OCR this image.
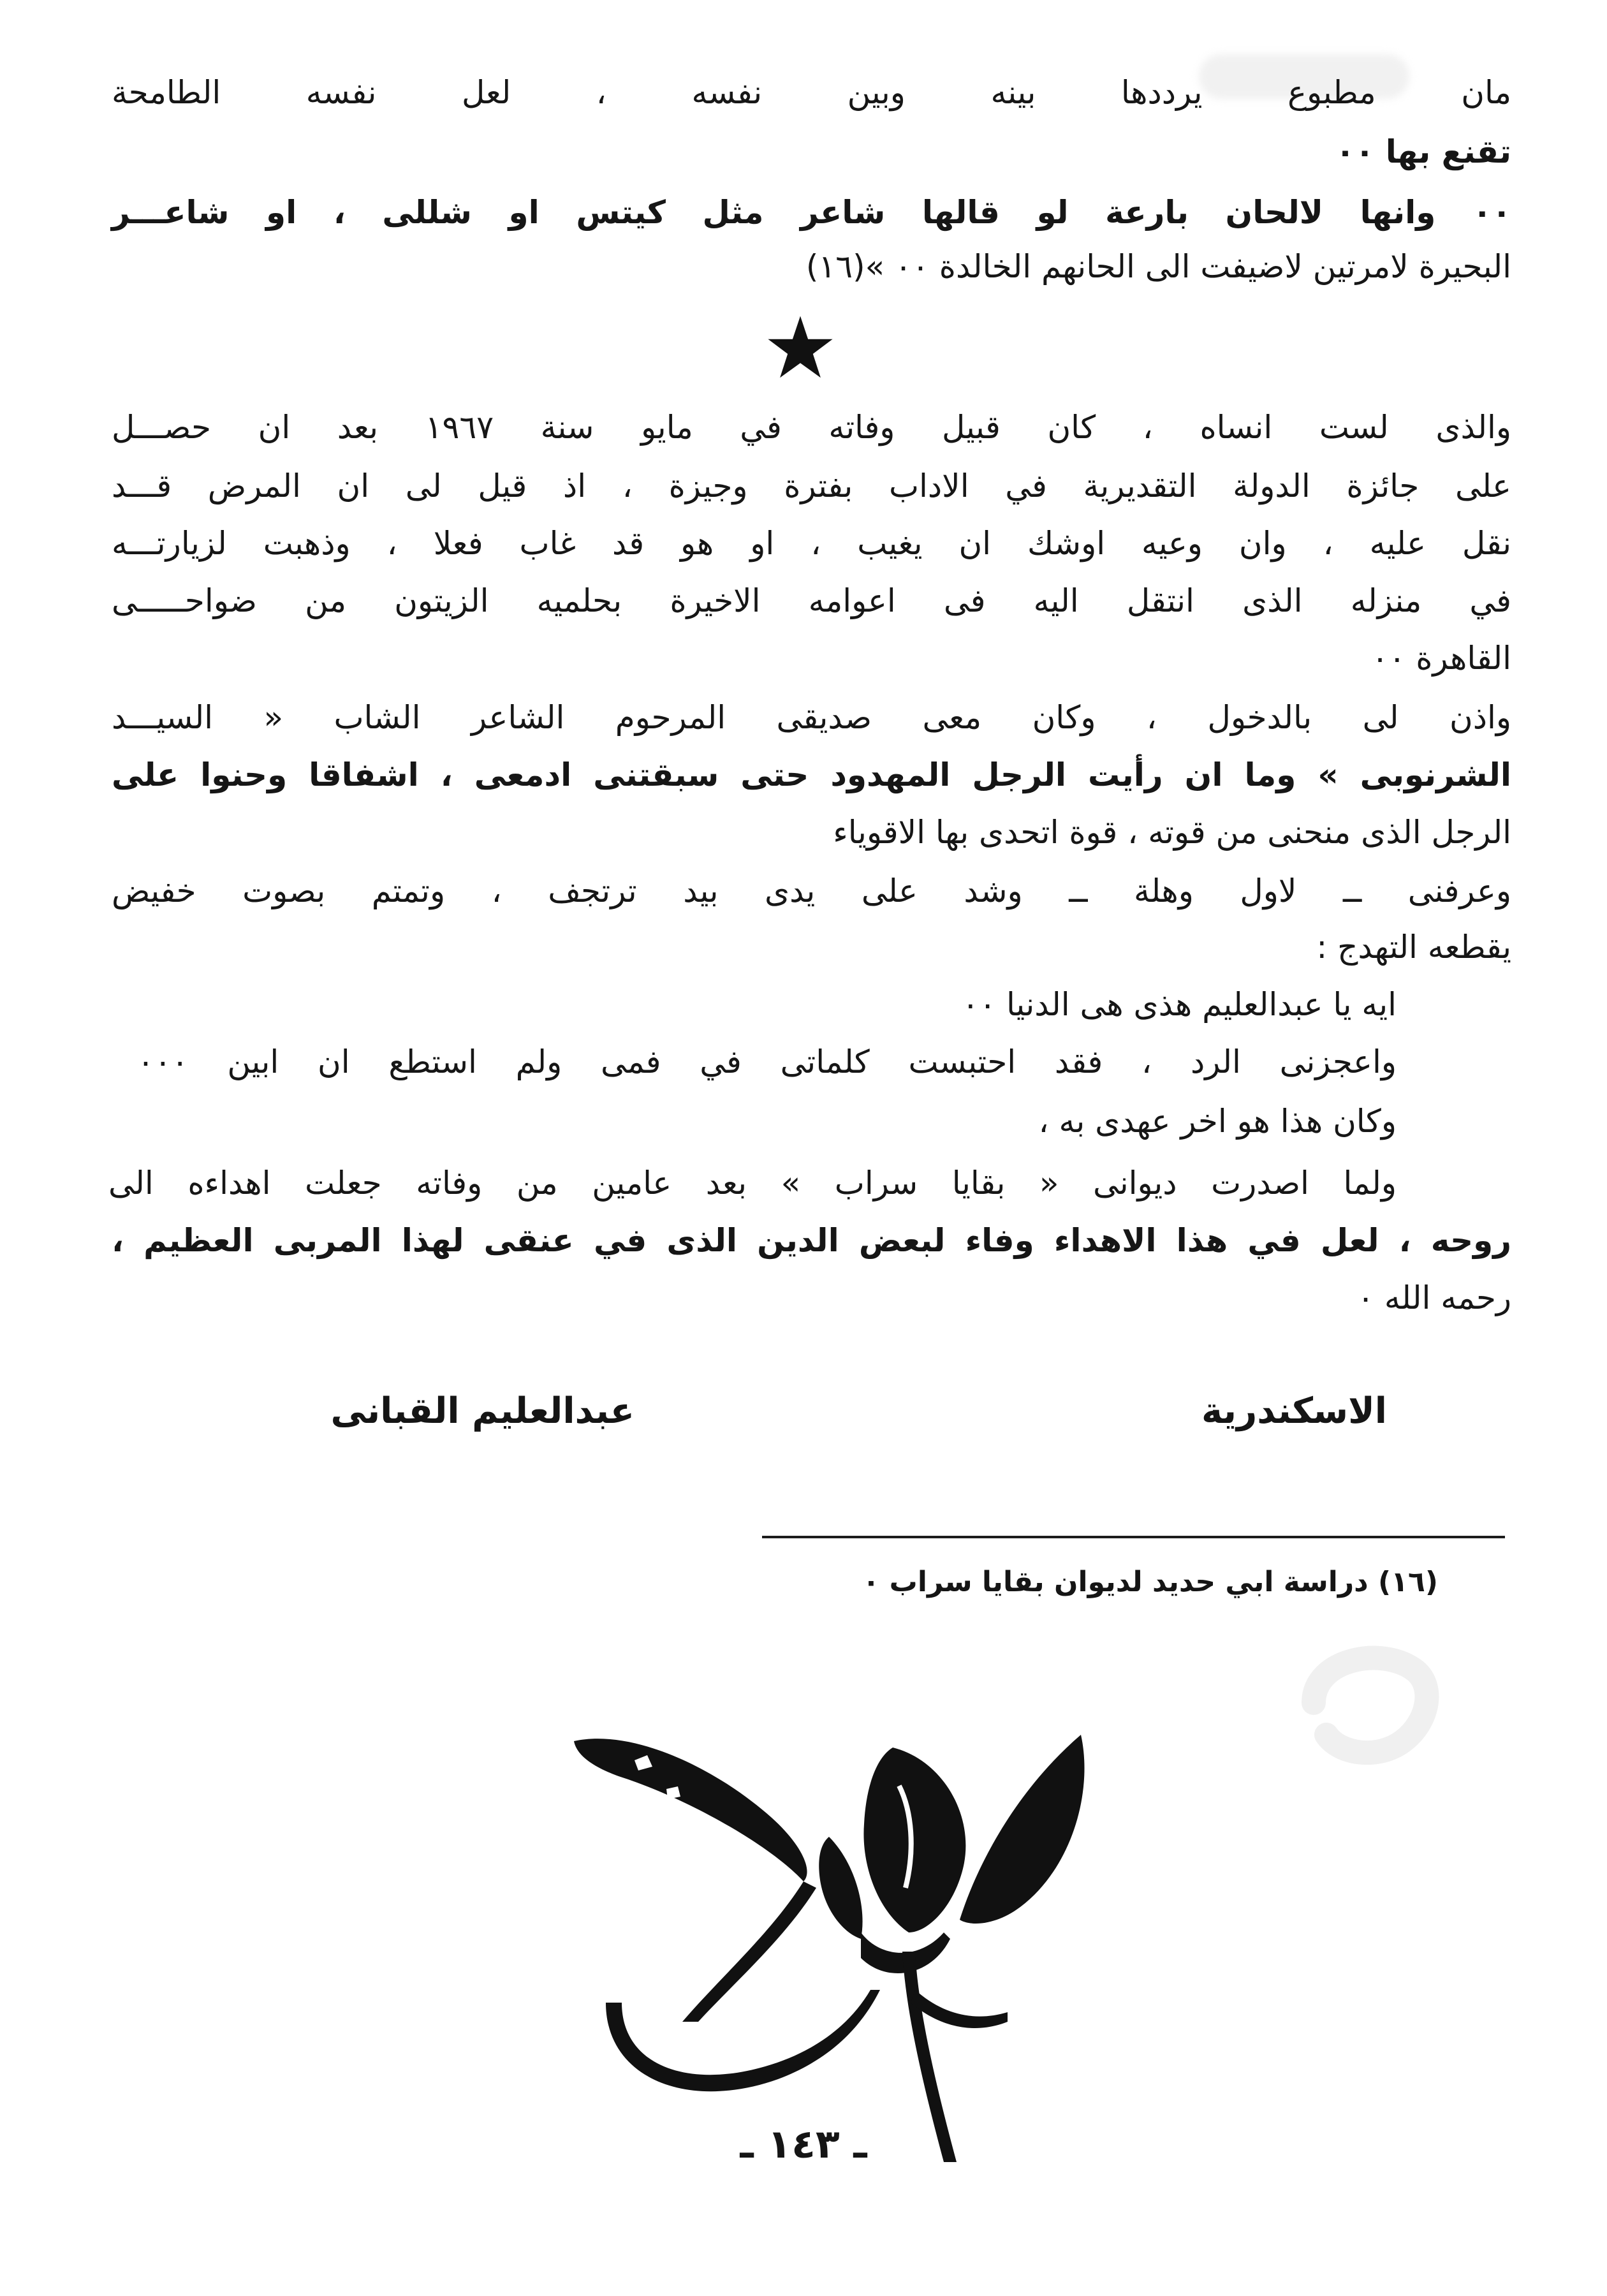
مان مطبوع يرددها بينه وبين نفسه ، لعل نفسه الطامحة
تقنع بها ٠٠
٠٠ وانها لالحان بارعة لو قالها شاعر مثل كيتس او شللى ، او شاعـــر
البحيرة لامرتين لاضيفت الى الحانهم الخالدة ٠٠ »(١٦)
والذى لست انساه ، كان قبيل وفاته في مايو سنة ١٩٦٧ بعد ان حصـــل
على جائزة الدولة التقديرية في الاداب بفترة وجيزة ، اذ قيل لى ان المرض قـــد
نقل عليه ، وان وعيه اوشك ان يغيب ، او هو قد غاب فعلا ، وذهبت لزيارتـــه
في منزله الذى انتقل اليه فى اعوامه الاخيرة بحلميه الزيتون من ضواحـــــى
القاهرة ٠٠
واذن لى بالدخول ، وكان معى صديقى المرحوم الشاعر الشاب « السيـــد
الشرنوبى » وما ان رأيت الرجل المهدود حتى سبقتنى ادمعى ، اشفاقا وحنوا على
الرجل الذى منحنى من قوته ، قوة اتحدى بها الاقوياء
وعرفنى ــ لاول وهلة ــ وشد على يدى بيد ترتجف ، وتمتم بصوت خفيض
يقطعه التهدج :
ايه يا عبدالعليم هذى هى الدنيا ٠٠
واعجزنى الرد ، فقد احتبست كلماتى في فمى ولم استطع ان ابين ٠٠٠
وكان هذا هو اخر عهدى به ،
ولما اصدرت ديوانى « بقايا سراب » بعد عامين من وفاته جعلت اهداءه الى
روحه ، لعل في هذا الاهداء وفاء لبعض الدين الذى في عنقى لهذا المربى العظيم ،
رحمه الله ٠
الاسكندرية
عبدالعليم القبانى
(١٦) دراسة ابي حديد لديوان بقايا سراب ٠
ـ ١٤٣ ـ
